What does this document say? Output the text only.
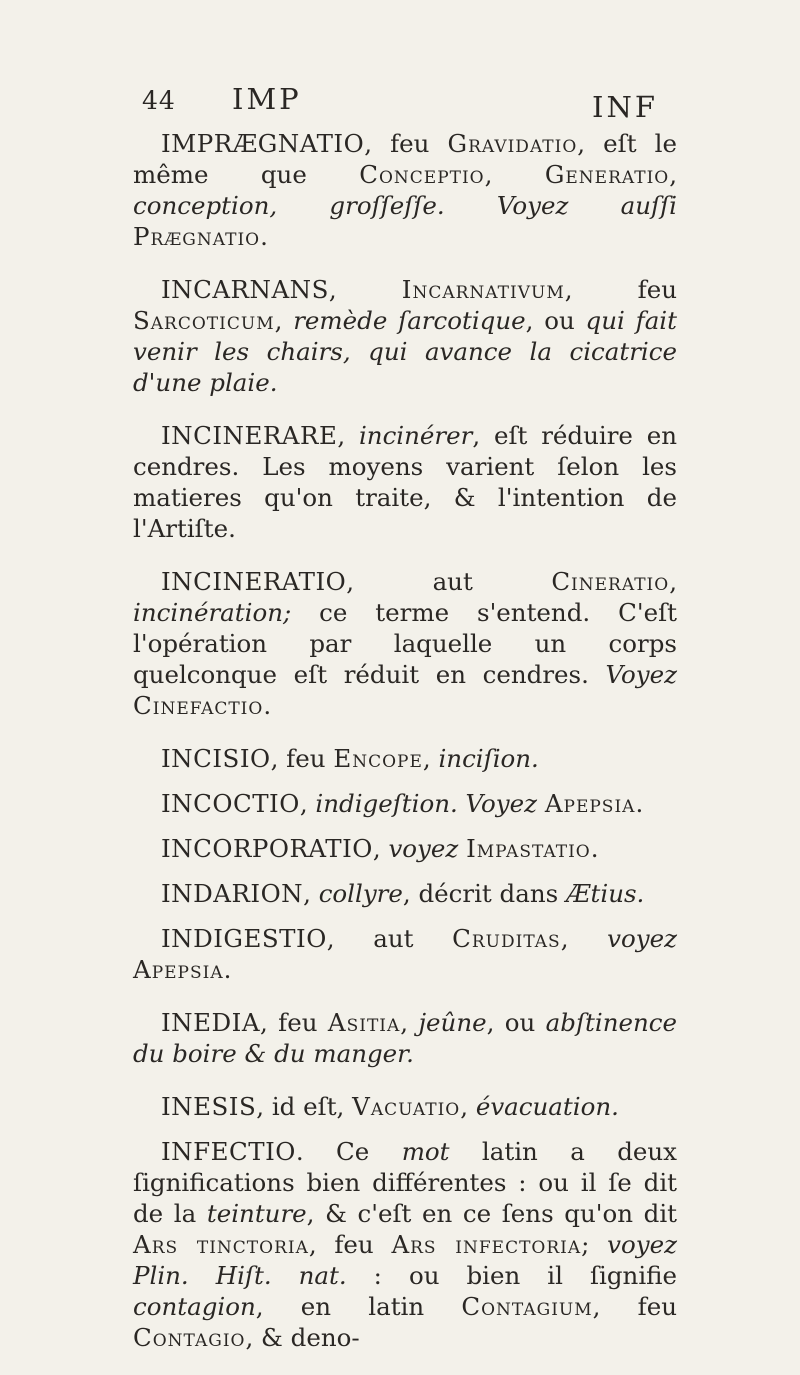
44 IMP	INF

IMPRÆGNATIO, feu Gravidatio, eſt le même que Conceptio, Generatio, conception, groſſeſſe. Voyez auſſi Prægnatio.

INCARNANS, Incarnativum, feu Sarcoticum, remède ſarcotique, ou qui fait venir les chairs, qui avance la cicatrice d'une plaie.

INCINERARE, incinérer, eſt réduire en cendres. Les moyens varient ſelon les matieres qu'on traite, & l'intention de l'Artiſte.

INCINERATIO, aut Cineratio, incinération; ce terme s'entend. C'eſt l'opération par laquelle un corps quelconque eſt réduit en cendres. Voyez Cinefactio.

INCISIO, feu Encope, inciſion.

INCOCTIO, indigeſtion. Voyez Apepsia.

INCORPORATIO, voyez Impastatio.

INDARION, collyre, décrit dans Ætius.

INDIGESTIO, aut Cruditas, voyez Apepsia.

INEDIA, feu Asitia, jeûne, ou abſtinence du boire & du manger.

INESIS, id eſt, Vacuatio, évacuation.

INFECTIO. Ce mot latin a deux ſignifications bien différentes : ou il ſe dit de la teinture, & c'eſt en ce ſens qu'on dit Ars tinctoria, feu Ars infectoria; voyez Plin. Hiſt. nat. : ou bien il ſignifie contagion, en latin Contagium, feu Contagio, & deno-
